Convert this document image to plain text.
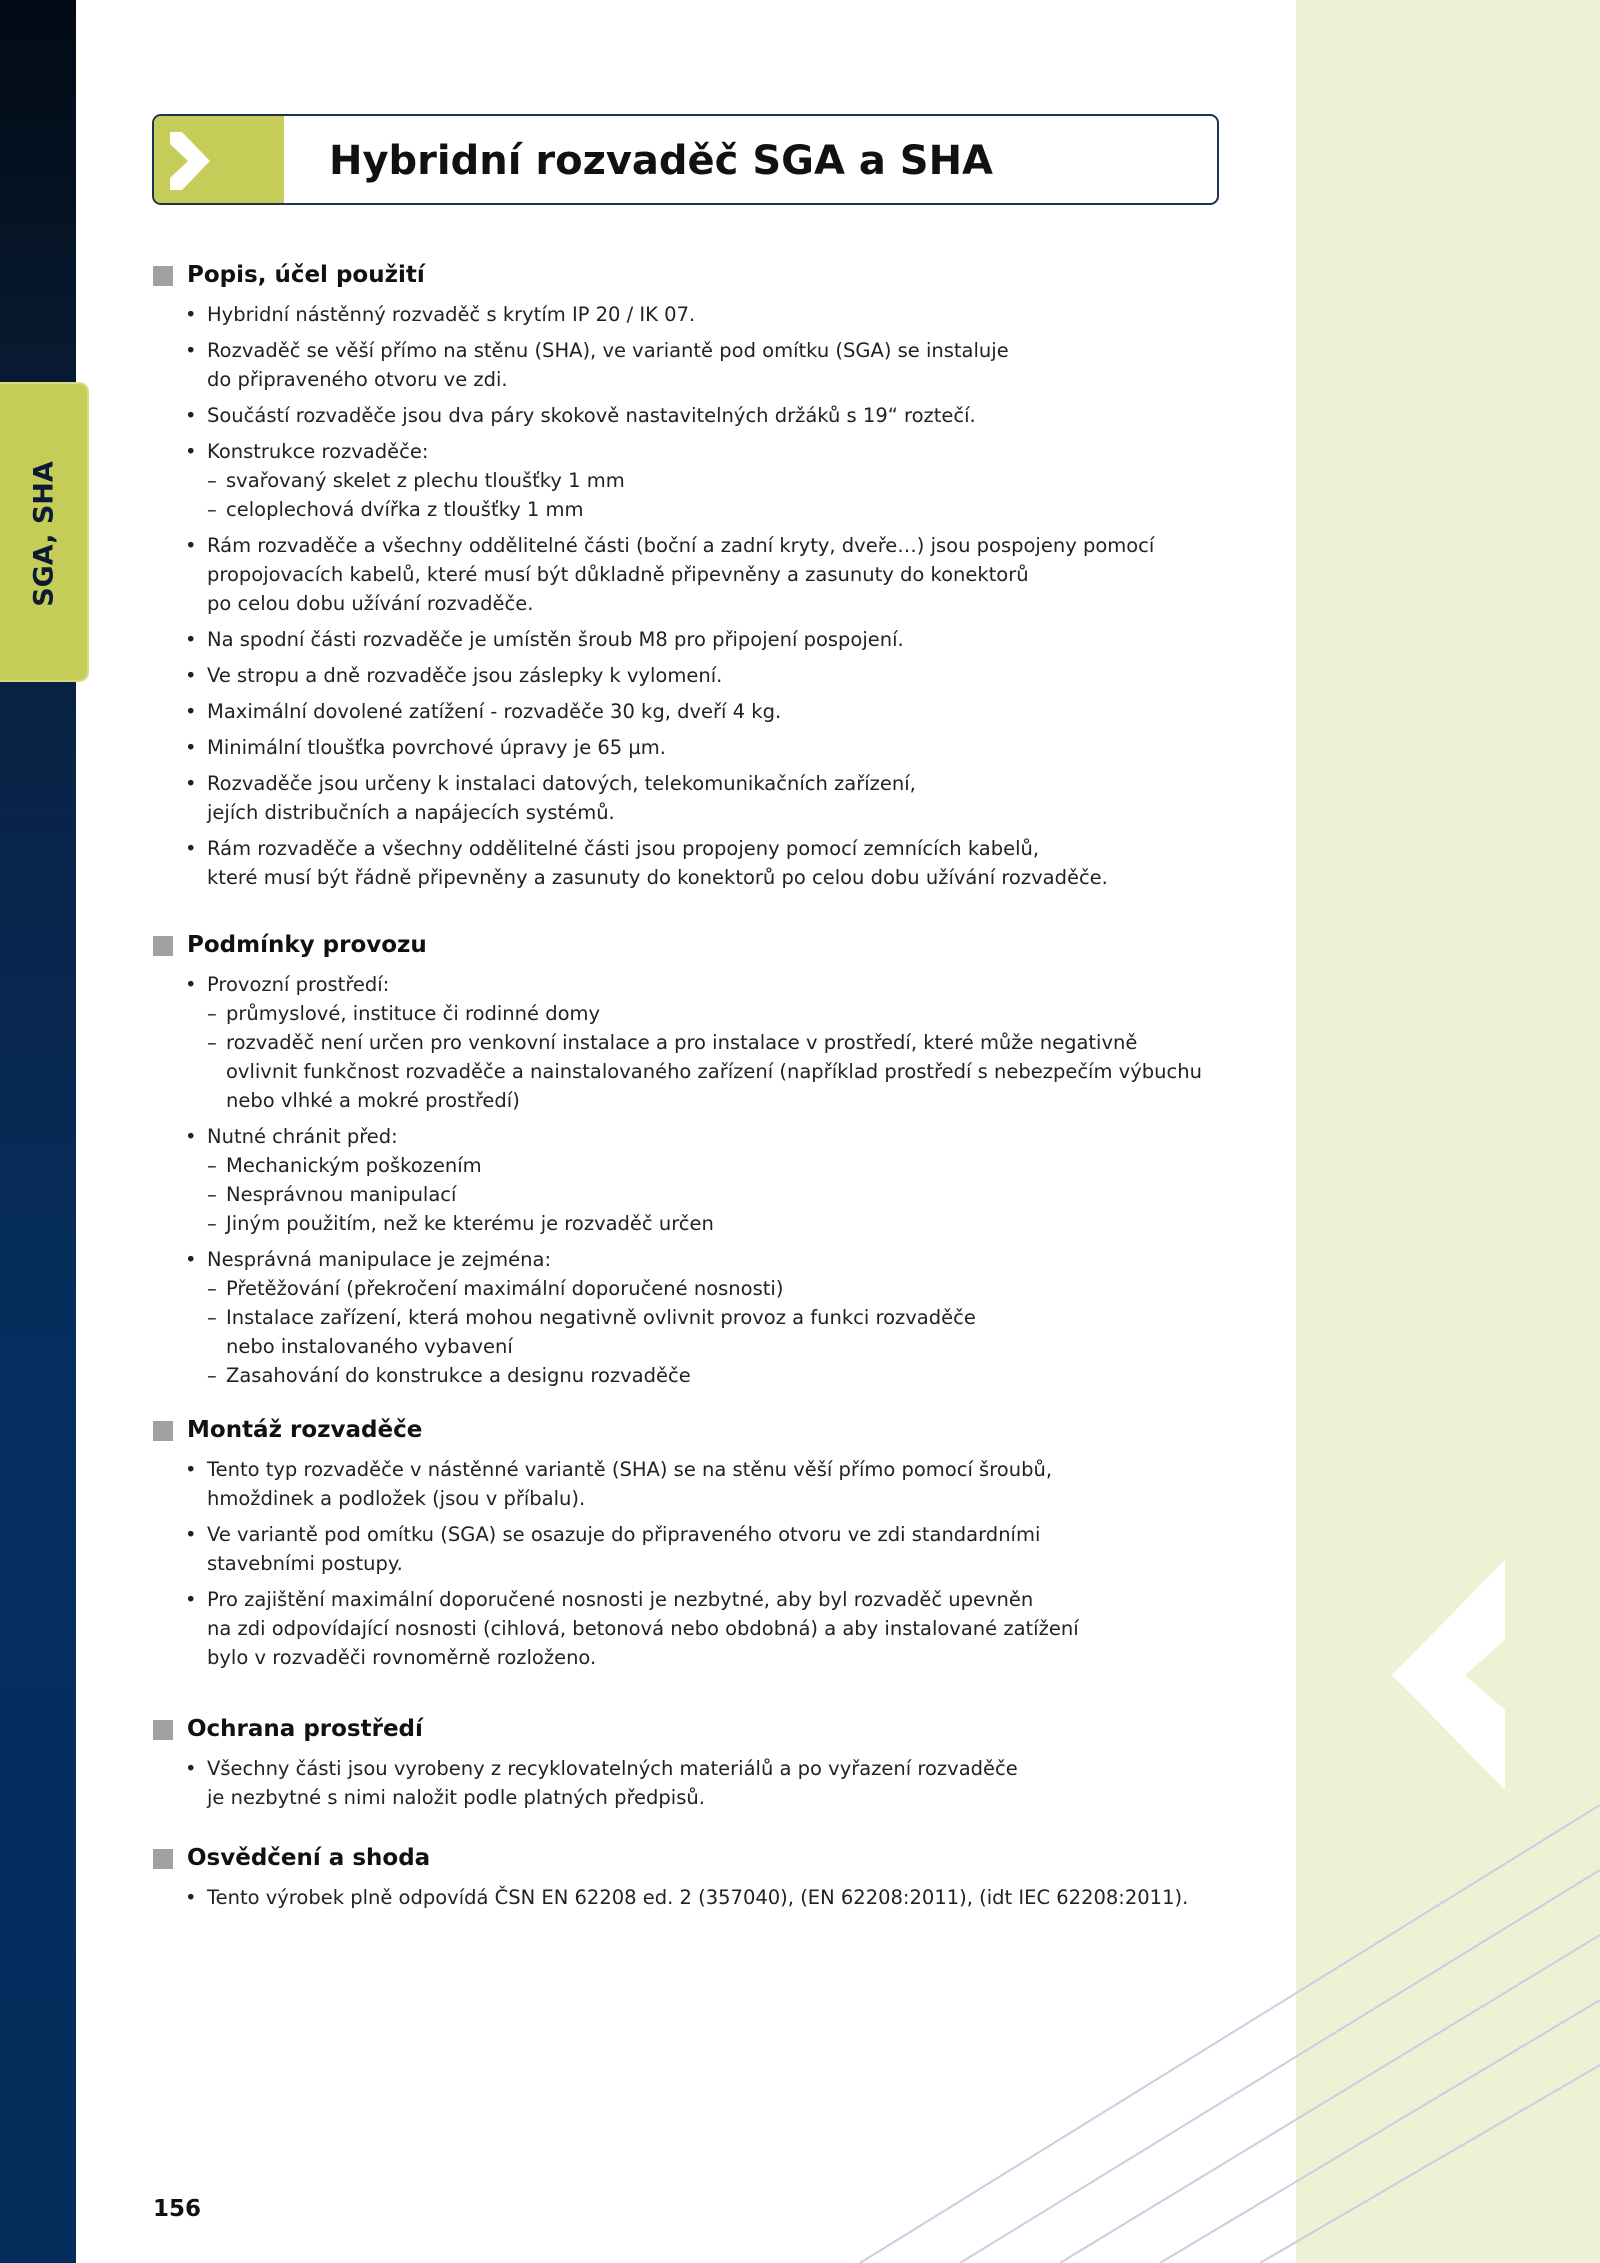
SGA, SHA
Hybridní rozvaděč SGA a SHA
Popis, účel použití
• Hybridní nástěnný rozvaděč s krytím IP 20 / IK 07.
• Rozvaděč se věší přímo na stěnu (SHA), ve variantě pod omítku (SGA) se instaluje
do připraveného otvoru ve zdi.
• Součástí rozvaděče jsou dva páry skokově nastavitelných držáků s 19“ roztečí.
• Konstrukce rozvaděče:
– svařovaný skelet z plechu tloušťky 1 mm
– celoplechová dvířka z tloušťky 1 mm
• Rám rozvaděče a všechny oddělitelné části (boční a zadní kryty, dveře…) jsou pospojeny pomocí
propojovacích kabelů, které musí být důkladně připevněny a zasunuty do konektorů
po celou dobu užívání rozvaděče.
• Na spodní části rozvaděče je umístěn šroub M8 pro připojení pospojení.
• Ve stropu a dně rozvaděče jsou záslepky k vylomení.
• Maximální dovolené zatížení - rozvaděče 30 kg, dveří 4 kg.
• Minimální tloušťka povrchové úpravy je 65 µm.
• Rozvaděče jsou určeny k instalaci datových, telekomunikačních zařízení,
jejích distribučních a napájecích systémů.
• Rám rozvaděče a všechny oddělitelné části jsou propojeny pomocí zemnících kabelů,
které musí být řádně připevněny a zasunuty do konektorů po celou dobu užívání rozvaděče.
Podmínky provozu
• Provozní prostředí:
– průmyslové, instituce či rodinné domy
– rozvaděč není určen pro venkovní instalace a pro instalace v prostředí, které může negativně
ovlivnit funkčnost rozvaděče a nainstalovaného zařízení (například prostředí s nebezpečím výbuchu
nebo vlhké a mokré prostředí)
• Nutné chránit před:
– Mechanickým poškozením
– Nesprávnou manipulací
– Jiným použitím, než ke kterému je rozvaděč určen
• Nesprávná manipulace je zejména:
– Přetěžování (překročení maximální doporučené nosnosti)
– Instalace zařízení, která mohou negativně ovlivnit provoz a funkci rozvaděče
nebo instalovaného vybavení
– Zasahování do konstrukce a designu rozvaděče
Montáž rozvaděče
• Tento typ rozvaděče v nástěnné variantě (SHA) se na stěnu věší přímo pomocí šroubů,
hmoždinek a podložek (jsou v příbalu).
• Ve variantě pod omítku (SGA) se osazuje do připraveného otvoru ve zdi standardními
stavebními postupy.
• Pro zajištění maximální doporučené nosnosti je nezbytné, aby byl rozvaděč upevněn
na zdi odpovídající nosnosti (cihlová, betonová nebo obdobná) a aby instalované zatížení
bylo v rozvaděči rovnoměrně rozloženo.
Ochrana prostředí
• Všechny části jsou vyrobeny z recyklovatelných materiálů a po vyřazení rozvaděče
je nezbytné s nimi naložit podle platných předpisů.
Osvědčení a shoda
• Tento výrobek plně odpovídá ČSN EN 62208 ed. 2 (357040), (EN 62208:2011), (idt IEC 62208:2011).
156
